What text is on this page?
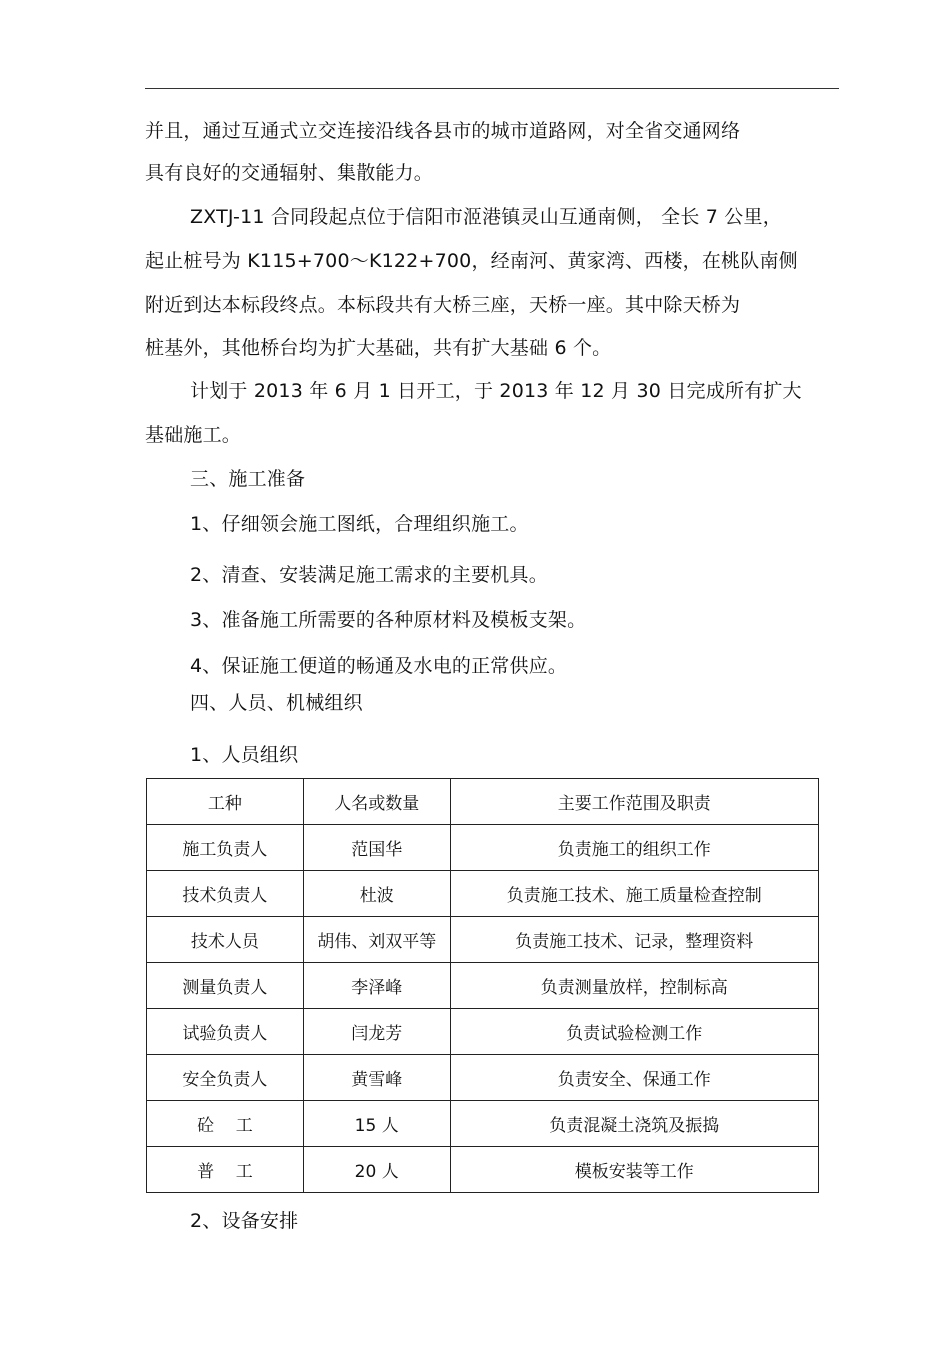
并且，通过互通式立交连接沿线各县市的城市道路网，对全省交通网络
具有良好的交通辐射、集散能力。
ZXTJ-11 合同段起点位于信阳市洍港镇灵山互通南侧， 全长 7 公里，
起止桩号为 K115+700～K122+700，经南河、黄家湾、西楼，在桃队南侧
附近到达本标段终点。本标段共有大桥三座，天桥一座。其中除天桥为
桩基外，其他桥台均为扩大基础，共有扩大基础 6 个。
计划于 2013 年 6 月 1 日开工，于 2013 年 12 月 30 日完成所有扩大
基础施工。
三、施工准备
1、仔细领会施工图纸，合理组织施工。
2、清查、安装满足施工需求的主要机具。
3、准备施工所需要的各种原材料及模板支架。
4、保证施工便道的畅通及水电的正常供应。
四、人员、机械组织
1、人员组织
工种	人名或数量	主要工作范围及职责
施工负责人	范国华	负责施工的组织工作
技术负责人	杜波	负责施工技术、施工质量检查控制
技术人员	胡伟、刘双平等	负责施工技术、记录，整理资料
测量负责人	李泽峰	负责测量放样，控制标高
试验负责人	闫龙芳	负责试验检测工作
安全负责人	黄雪峰	负责安全、保通工作
砼    工	15 人	负责混凝土浇筑及振捣
普    工	20 人	模板安装等工作
2、设备安排
